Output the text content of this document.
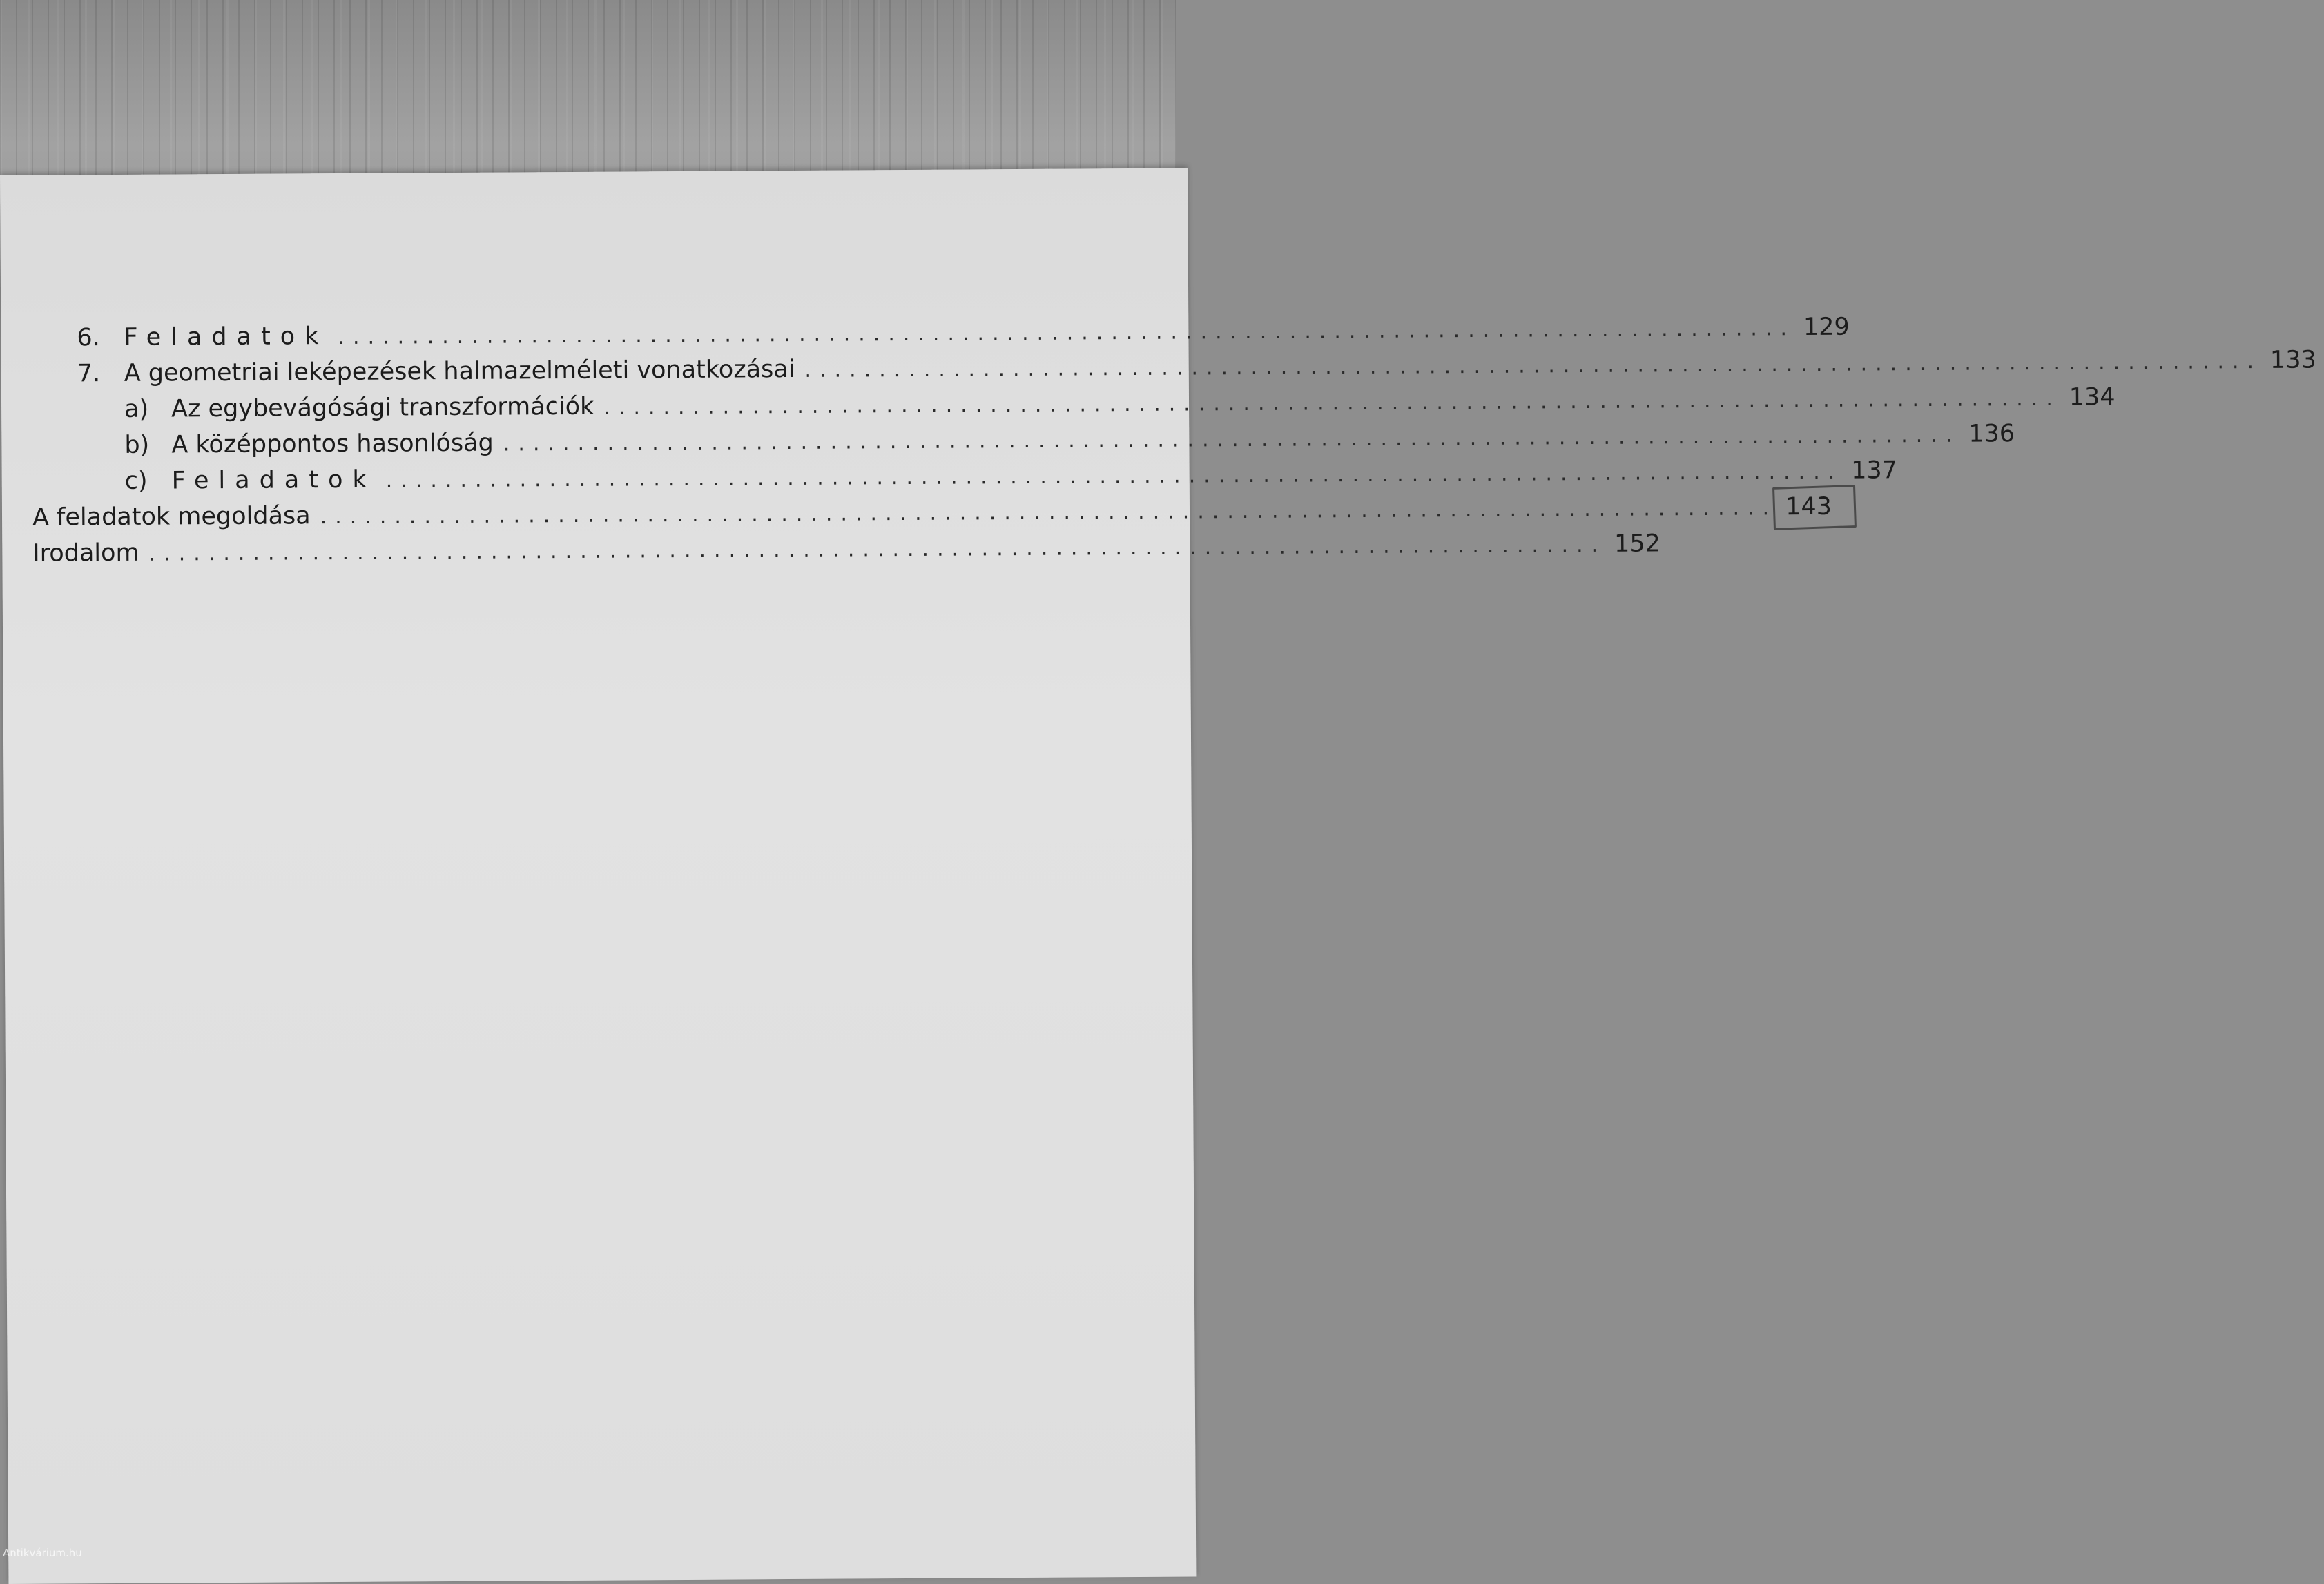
6. Feladatok .................................................................................................. 129
7. A geometriai leképezések halmazelméleti vonatkozásai .................................................................................................. 133
a) Az egybevágósági transzformációk .................................................................................................. 134
b) A középpontos hasonlóság .................................................................................................. 136
c) Feladatok .................................................................................................. 137
A feladatok megoldása .................................................................................................. 143
Irodalom .................................................................................................. 152
Antikvárium.hu
